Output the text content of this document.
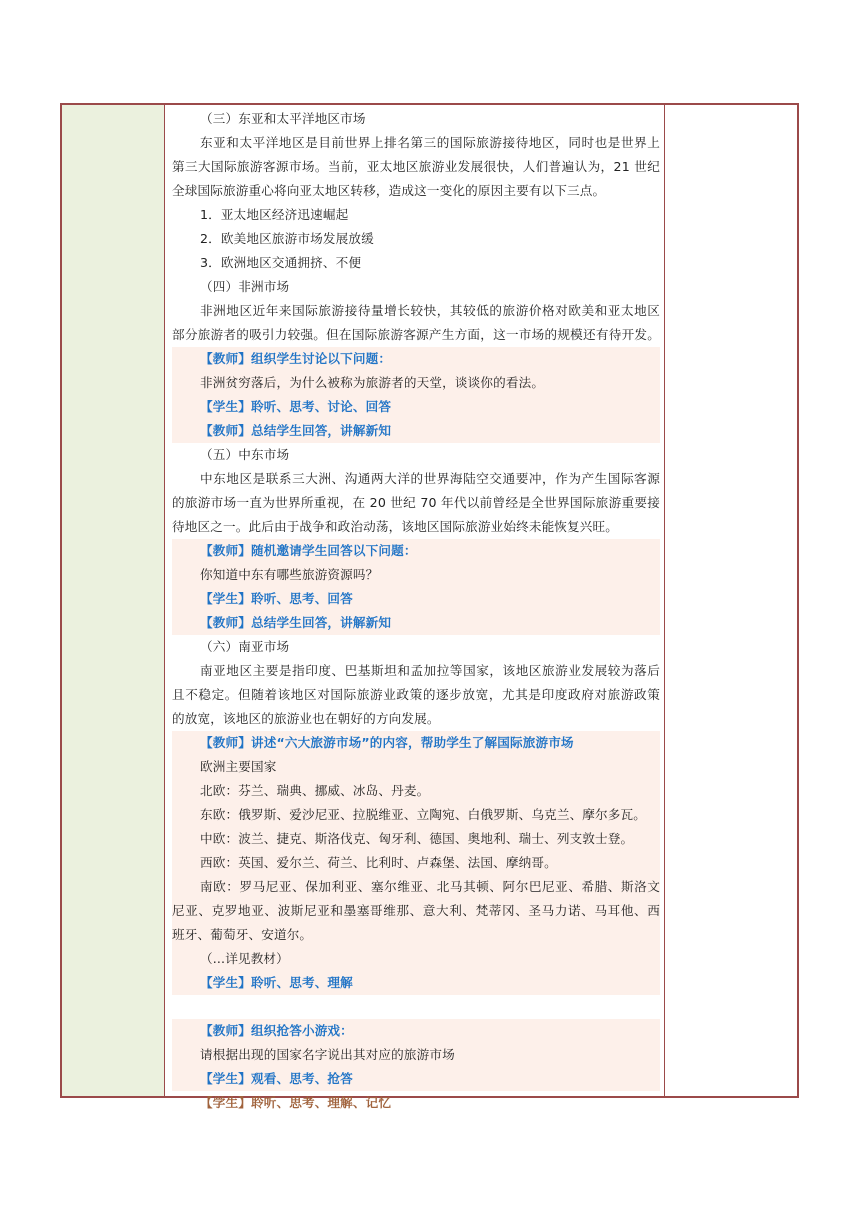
（三）东亚和太平洋地区市场
东亚和太平洋地区是目前世界上排名第三的国际旅游接待地区，同时也是世界上
第三大国际旅游客源市场。当前，亚太地区旅游业发展很快，人们普遍认为，21 世纪
全球国际旅游重心将向亚太地区转移，造成这一变化的原因主要有以下三点。
1．亚太地区经济迅速崛起
2．欧美地区旅游市场发展放缓
3．欧洲地区交通拥挤、不便
（四）非洲市场
非洲地区近年来国际旅游接待量增长较快，其较低的旅游价格对欧美和亚太地区
部分旅游者的吸引力较强。但在国际旅游客源产生方面，这一市场的规模还有待开发。
【教师】组织学生讨论以下问题：
非洲贫穷落后，为什么被称为旅游者的天堂，谈谈你的看法。
【学生】聆听、思考、讨论、回答
【教师】总结学生回答，讲解新知
（五）中东市场
中东地区是联系三大洲、沟通两大洋的世界海陆空交通要冲，作为产生国际客源
的旅游市场一直为世界所重视，在 20 世纪 70 年代以前曾经是全世界国际旅游重要接
待地区之一。此后由于战争和政治动荡，该地区国际旅游业始终未能恢复兴旺。
【教师】随机邀请学生回答以下问题：
你知道中东有哪些旅游资源吗？
【学生】聆听、思考、回答
【教师】总结学生回答，讲解新知
（六）南亚市场
南亚地区主要是指印度、巴基斯坦和孟加拉等国家，该地区旅游业发展较为落后
且不稳定。但随着该地区对国际旅游业政策的逐步放宽，尤其是印度政府对旅游政策
的放宽，该地区的旅游业也在朝好的方向发展。
【教师】讲述“六大旅游市场”的内容，帮助学生了解国际旅游市场
欧洲主要国家
北欧：芬兰、瑞典、挪威、冰岛、丹麦。
东欧：俄罗斯、爱沙尼亚、拉脱维亚、立陶宛、白俄罗斯、乌克兰、摩尔多瓦。
中欧：波兰、捷克、斯洛伐克、匈牙利、德国、奥地利、瑞士、列支敦士登。
西欧：英国、爱尔兰、荷兰、比利时、卢森堡、法国、摩纳哥。
南欧：罗马尼亚、保加利亚、塞尔维亚、北马其顿、阿尔巴尼亚、希腊、斯洛文
尼亚、克罗地亚、波斯尼亚和墨塞哥维那、意大利、梵蒂冈、圣马力诺、马耳他、西
班牙、葡萄牙、安道尔。
（...详见教材）
【学生】聆听、思考、理解
【教师】组织抢答小游戏：
请根据出现的国家名字说出其对应的旅游市场
【学生】观看、思考、抢答
【学生】聆听、思考、理解、记忆
